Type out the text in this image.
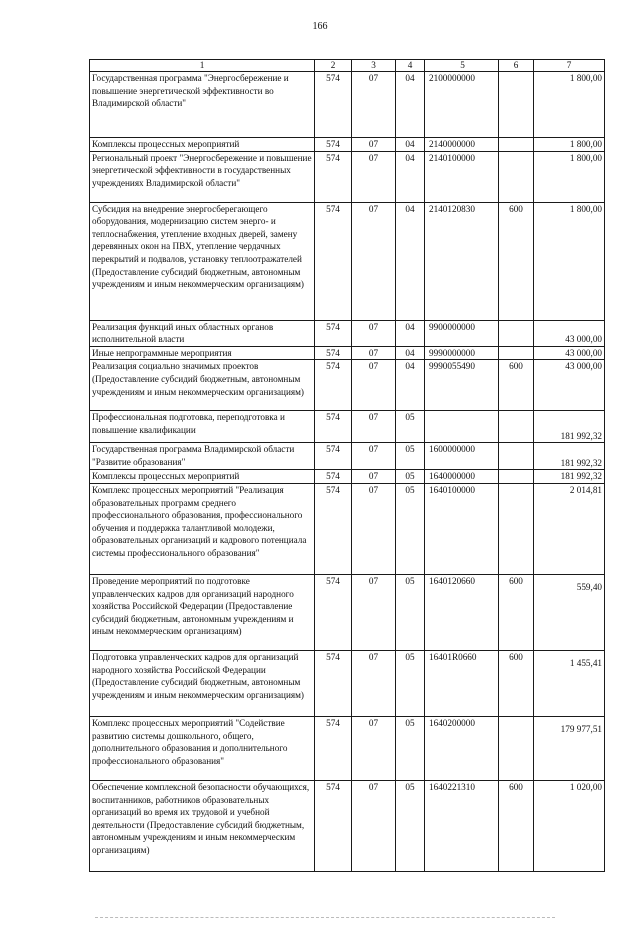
166
1	2	3	4	5	6	7
Государственная программа "Энергосбережение и повышение энергетической эффективности во Владимирской области"	574	07	04	2100000000		1 800,00
Комплексы процессных мероприятий	574	07	04	2140000000		1 800,00
Региональный проект "Энергосбережение и повышение энергетической эффективности в государственных учреждениях Владимирской области"	574	07	04	2140100000		1 800,00
Субсидия на внедрение энергосберегающего оборудования, модернизацию систем энерго- и теплоснабжения, утепление входных дверей, замену деревянных окон на ПВХ, утепление чердачных перекрытий и подвалов, установку теплоотражателей (Предоставление субсидий бюджетным, автономным учреждениям и иным некоммерческим организациям)	574	07	04	2140120830	600	1 800,00
Реализация функций иных областных органов исполнительной власти	574	07	04	9900000000		43 000,00
Иные непрограммные мероприятия	574	07	04	9990000000		43 000,00
Реализация социально значимых проектов (Предоставление субсидий бюджетным, автономным учреждениям и иным некоммерческим организациям)	574	07	04	9990055490	600	43 000,00
Профессиональная подготовка, переподготовка и повышение квалификации	574	07	05			181 992,32
Государственная программа Владимирской области "Развитие образования"	574	07	05	1600000000		181 992,32
Комплексы процессных мероприятий	574	07	05	1640000000		181 992,32
Комплекс процессных мероприятий "Реализация образовательных программ среднего профессионального образования, профессионального обучения и поддержка талантливой молодежи, образовательных организаций и кадрового потенциала системы профессионального образования"	574	07	05	1640100000		2 014,81
Проведение мероприятий по подготовке управленческих кадров для организаций народного хозяйства Российской Федерации (Предоставление субсидий бюджетным, автономным учреждениям и иным некоммерческим организациям)	574	07	05	1640120660	600	559,40
Подготовка управленческих кадров для организаций народного хозяйства Российской Федерации (Предоставление субсидий бюджетным, автономным учреждениям и иным некоммерческим организациям)	574	07	05	16401R0660	600	1 455,41
Комплекс процессных мероприятий "Содействие развитию системы дошкольного, общего, дополнительного образования и дополнительного профессионального образования"	574	07	05	1640200000		179 977,51
Обеспечение комплексной безопасности обучающихся, воспитанников, работников образовательных организаций во время их трудовой и учебной деятельности (Предоставление субсидий бюджетным, автономным учреждениям и иным некоммерческим организациям)	574	07	05	1640221310	600	1 020,00
